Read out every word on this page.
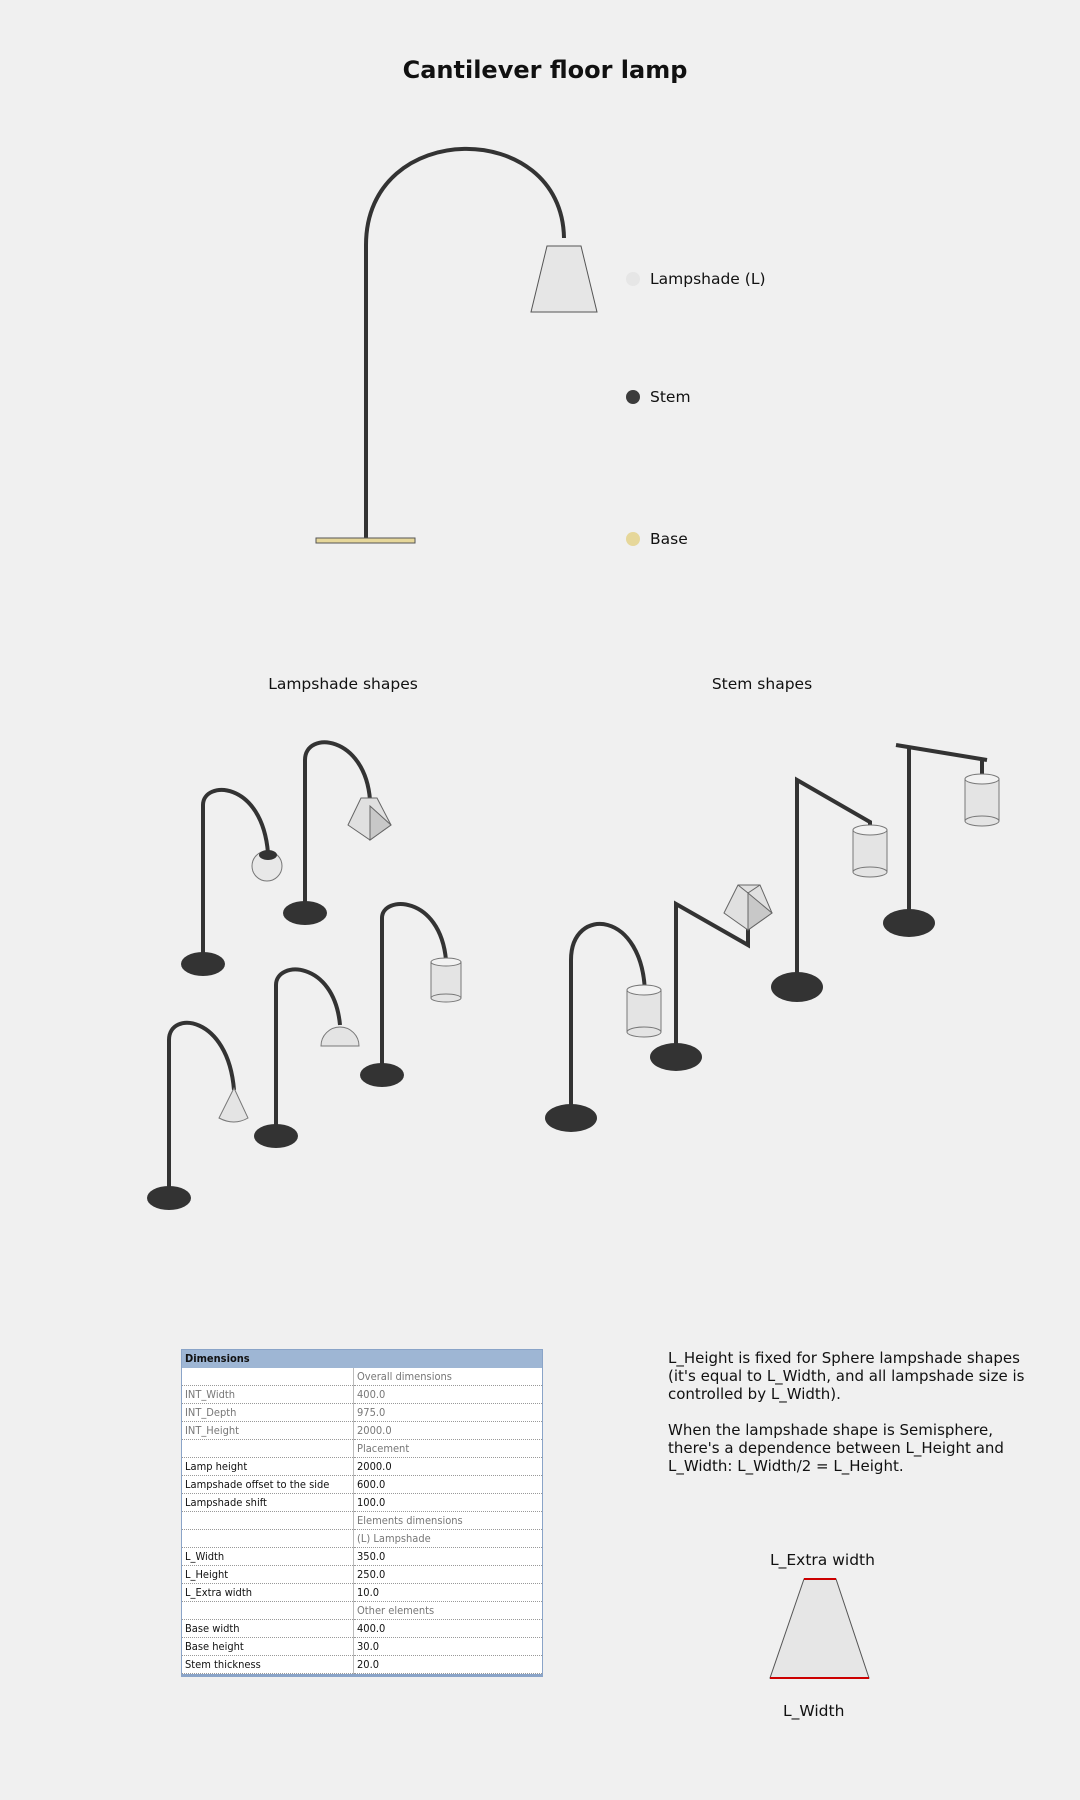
Cantilever floor lamp
Lampshade (L)
Stem
Base
Lampshade shapes	Stem shapes
Dimensions
	Overall dimensions
INT_Width	400.0
INT_Depth	975.0
INT_Height	2000.0
	Placement
Lamp height	2000.0
Lampshade offset to the side	600.0
Lampshade shift	100.0
	Elements dimensions
	(L) Lampshade
L_Width	350.0
L_Height	250.0
L_Extra width	10.0
	Other elements
Base width	400.0
Base height	30.0
Stem thickness	20.0
L_Height is fixed for Sphere lampshade shapes (it's equal to L_Width, and all lampshade size is controlled by L_Width).
When the lampshade shape is Semisphere, there's a dependence between L_Height and L_Width: L_Width/2 = L_Height.
L_Extra width
L_Width
